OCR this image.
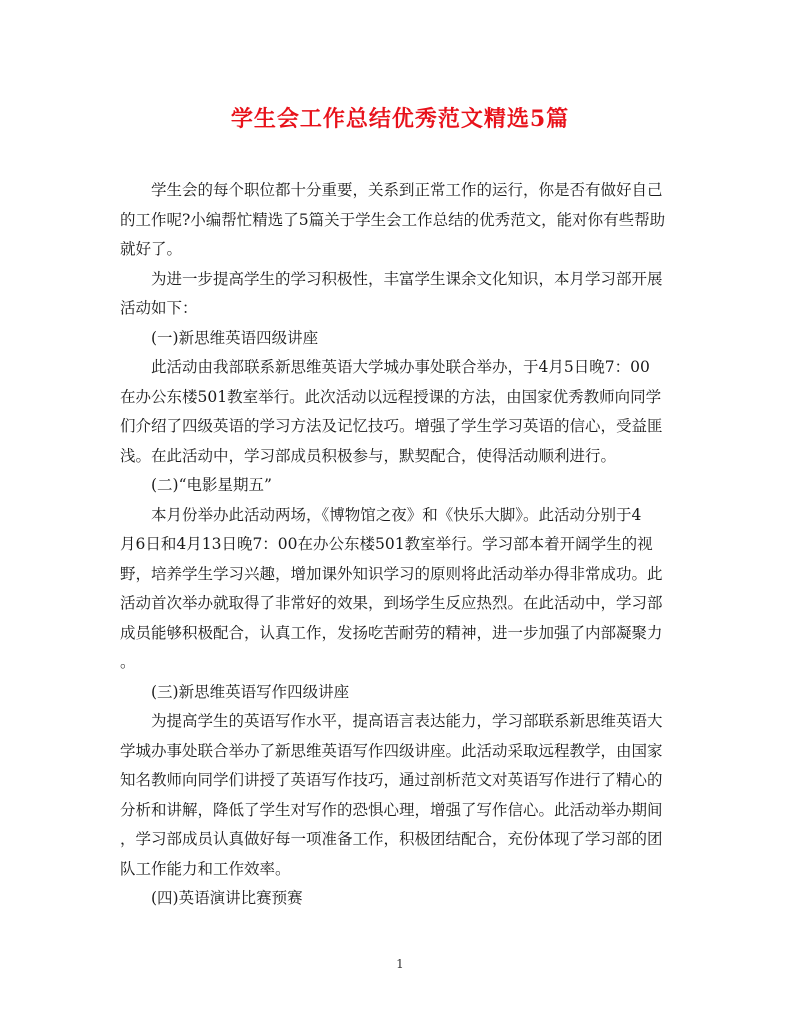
学生会工作总结优秀范文精选5篇

学生会的每个职位都十分重要，关系到正常工作的运行，你是否有做好自己
的工作呢?小编帮忙精选了5篇关于学生会工作总结的优秀范文，能对你有些帮助
就好了。

为进一步提高学生的学习积极性，丰富学生课余文化知识，本月学习部开展
活动如下：

(一)新思维英语四级讲座

此活动由我部联系新思维英语大学城办事处联合举办，于4月5日晚7：00
在办公东楼501教室举行。此次活动以远程授课的方法，由国家优秀教师向同学
们介绍了四级英语的学习方法及记忆技巧。增强了学生学习英语的信心，受益匪
浅。在此活动中，学习部成员积极参与，默契配合，使得活动顺利进行。

(二)“电影星期五”

本月份举办此活动两场，《博物馆之夜》和《快乐大脚》。此活动分别于4
月6日和4月13日晚7：00在办公东楼501教室举行。学习部本着开阔学生的视
野，培养学生学习兴趣，增加课外知识学习的原则将此活动举办得非常成功。此
活动首次举办就取得了非常好的效果，到场学生反应热烈。在此活动中，学习部
成员能够积极配合，认真工作，发扬吃苦耐劳的精神，进一步加强了内部凝聚力
。

(三)新思维英语写作四级讲座

为提高学生的英语写作水平，提高语言表达能力，学习部联系新思维英语大
学城办事处联合举办了新思维英语写作四级讲座。此活动采取远程教学，由国家
知名教师向同学们讲授了英语写作技巧，通过剖析范文对英语写作进行了精心的
分析和讲解，降低了学生对写作的恐惧心理，增强了写作信心。此活动举办期间
，学习部成员认真做好每一项准备工作，积极团结配合，充份体现了学习部的团
队工作能力和工作效率。

(四)英语演讲比赛预赛

1
